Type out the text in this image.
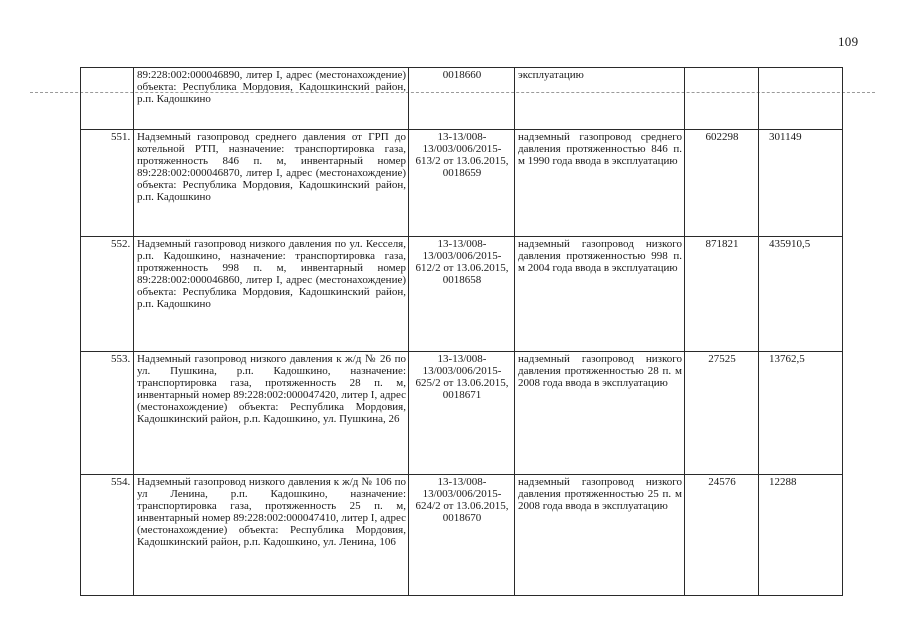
109
	89:228:002:000046890, литер I, адрес (местонахождение) объекта: Республика Мордовия, Кадошкинский район, р.п. Кадошкино	0018660	эксплуатацию		
551.	Надземный газопровод среднего давления от ГРП до котельной РТП, назначение: транспортировка газа, протяженность 846 п. м, инвентарный номер 89:228:002:000046870, литер I, адрес (местонахождение) объекта: Республика Мордовия, Кадошкинский район, р.п. Кадошкино	13-13/008-13/003/006/2015-613/2 от 13.06.2015, 0018659	надземный газопровод среднего давления протяженностью 846 п. м 1990 года ввода в эксплуатацию	602298	301149
552.	Надземный газопровод низкого давления по ул. Кесселя, р.п. Кадошкино, назначение: транспортировка газа, протяженность 998 п. м, инвентарный номер 89:228:002:000046860, литер I, адрес (местонахождение) объекта: Республика Мордовия, Кадошкинский район, р.п. Кадошкино	13-13/008-13/003/006/2015-612/2 от 13.06.2015, 0018658	надземный газопровод низкого давления протяженностью 998 п. м 2004 года ввода в эксплуатацию	871821	435910,5
553.	Надземный газопровод низкого давления к ж/д № 26 по ул. Пушкина, р.п. Кадошкино, назначение: транспортировка газа, протяженность 28 п. м, инвентарный номер 89:228:002:000047420, литер I, адрес (местонахождение) объекта: Республика Мордовия, Кадошкинский район, р.п. Кадошкино, ул. Пушкина, 26	13-13/008-13/003/006/2015-625/2 от 13.06.2015, 0018671	надземный газопровод низкого давления протяженностью 28 п. м 2008 года ввода в эксплуатацию	27525	13762,5
554.	Надземный газопровод низкого давления к ж/д № 106 по ул Ленина, р.п. Кадошкино, назначение: транспортировка газа, протяженность 25 п. м, инвентарный номер 89:228:002:000047410, литер I, адрес (местонахождение) объекта: Республика Мордовия, Кадошкинский район, р.п. Кадошкино, ул. Ленина, 106	13-13/008-13/003/006/2015-624/2 от 13.06.2015, 0018670	надземный газопровод низкого давления протяженностью 25 п. м 2008 года ввода в эксплуатацию	24576	12288
